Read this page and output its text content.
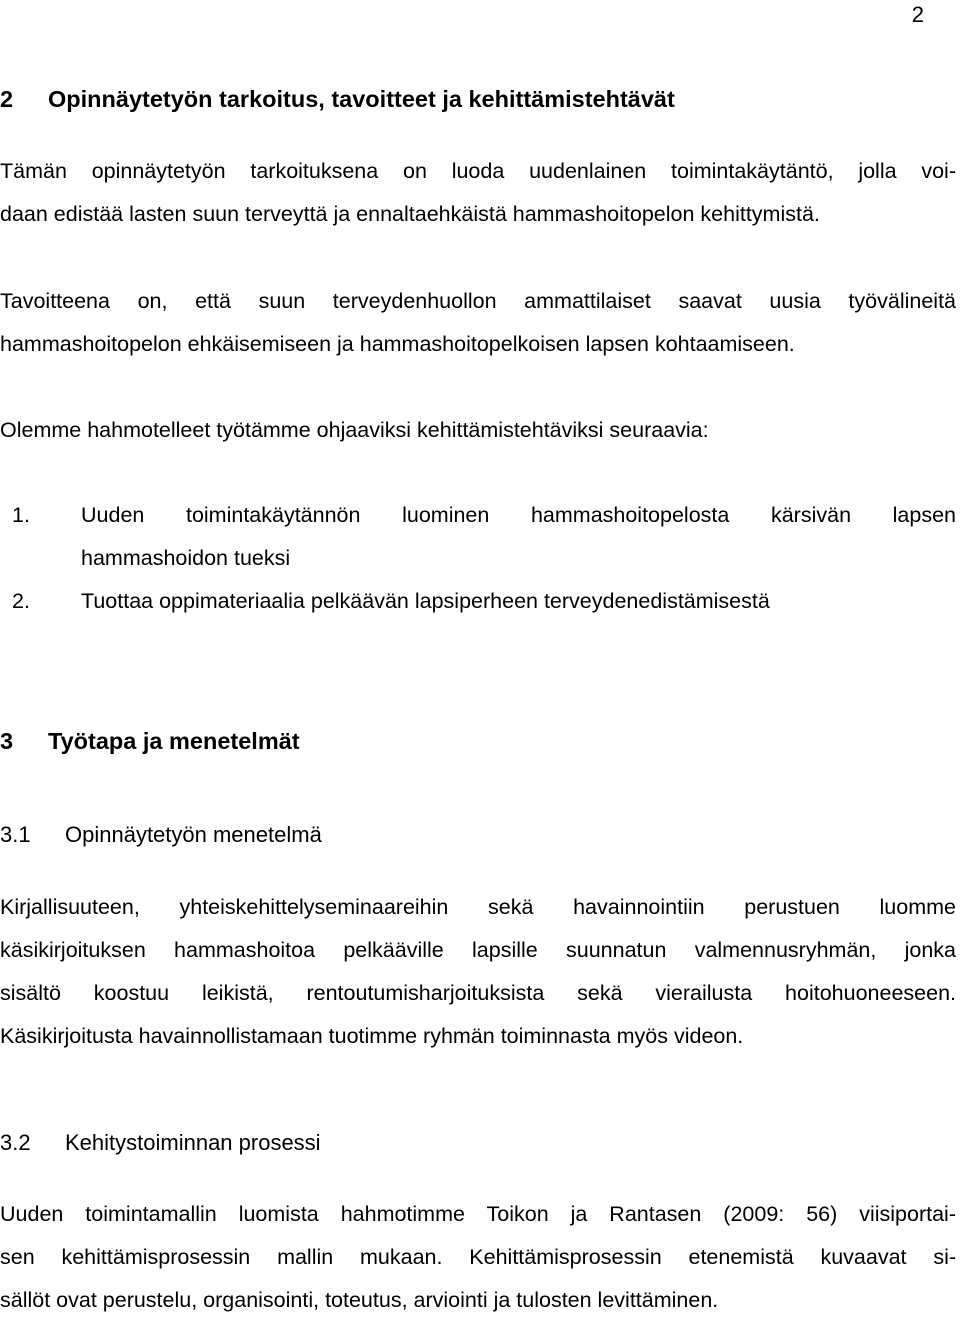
2
2 Opinnäytetyön tarkoitus, tavoitteet ja kehittämistehtävät
Tämän opinnäytetyön tarkoituksena on luoda uudenlainen toimintakäytäntö, jolla voi-
daan edistää lasten suun terveyttä ja ennaltaehkäistä hammashoitopelon kehittymistä.
Tavoitteena on, että suun terveydenhuollon ammattilaiset saavat uusia työvälineitä
hammashoitopelon ehkäisemiseen ja hammashoitopelkoisen lapsen kohtaamiseen.
Olemme hahmotelleet työtämme ohjaaviksi kehittämistehtäviksi seuraavia:
1. Uuden toimintakäytännön luominen hammashoitopelosta kärsivän lapsen
hammashoidon tueksi
2. Tuottaa oppimateriaalia pelkäävän lapsiperheen terveydenedistämisestä
3 Työtapa ja menetelmät
3.1 Opinnäytetyön menetelmä
Kirjallisuuteen, yhteiskehittelyseminaareihin sekä havainnointiin perustuen luomme
käsikirjoituksen hammashoitoa pelkääville lapsille suunnatun valmennusryhmän, jonka
sisältö koostuu leikistä, rentoutumisharjoituksista sekä vierailusta hoitohuoneeseen.
Käsikirjoitusta havainnollistamaan tuotimme ryhmän toiminnasta myös videon.
3.2 Kehitystoiminnan prosessi
Uuden toimintamallin luomista hahmotimme Toikon ja Rantasen (2009: 56) viisiportai-
sen kehittämisprosessin mallin mukaan. Kehittämisprosessin etenemistä kuvaavat si-
sällöt ovat perustelu, organisointi, toteutus, arviointi ja tulosten levittäminen.
